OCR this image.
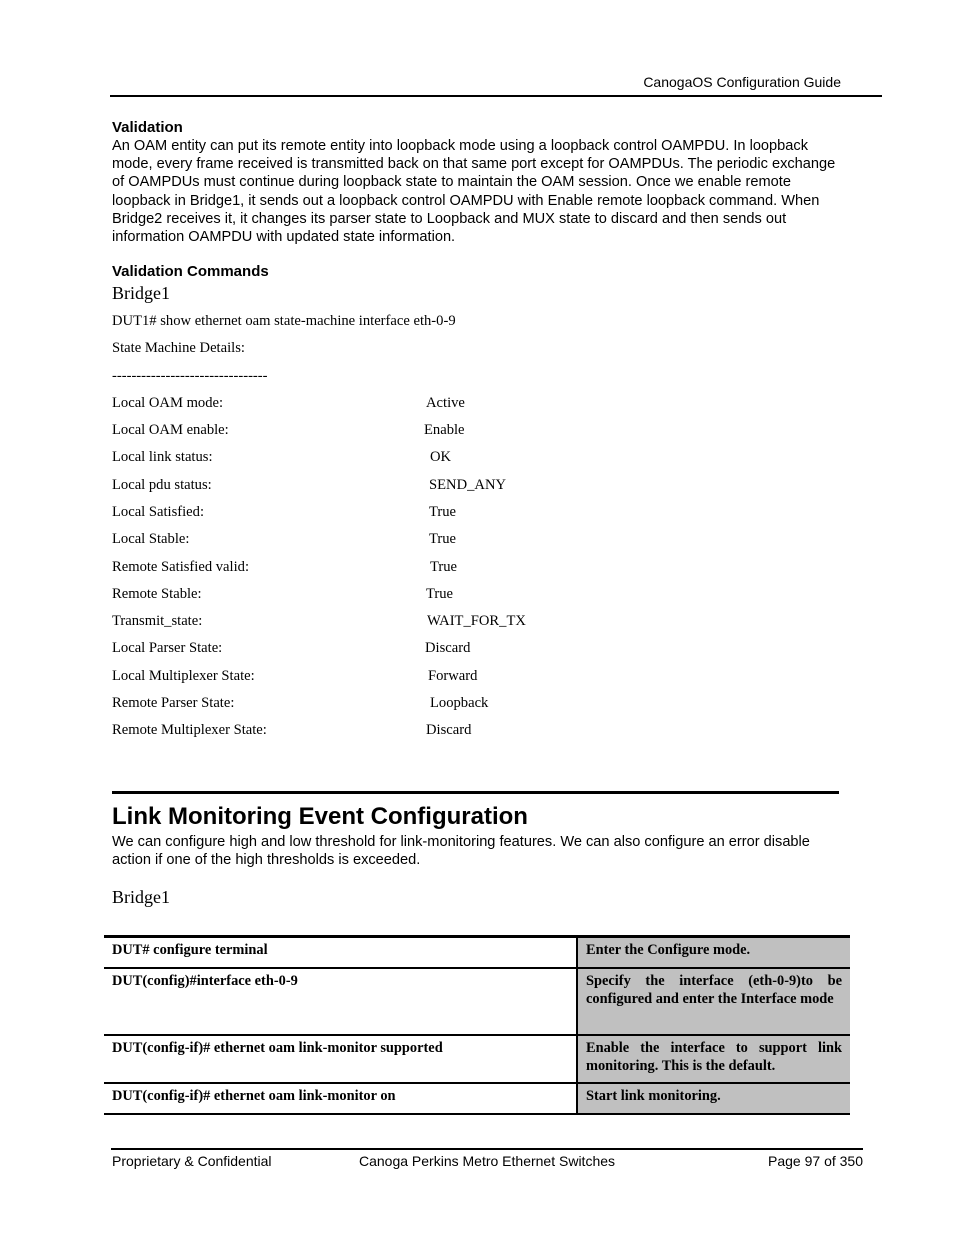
CanogaOS Configuration Guide
Validation
An OAM entity can put its remote entity into loopback mode using a loopback control OAMPDU. In loopback mode, every frame received is transmitted back on that same port except for OAMPDUs. The periodic exchange of OAMPDUs must continue during loopback state to maintain the OAM session. Once we enable remote loopback in Bridge1, it sends out a loopback control OAMPDU with Enable remote loopback command. When Bridge2 receives it, it changes its parser state to Loopback and MUX state to discard and then sends out information OAMPDU with updated state information.
Validation Commands
Bridge1
DUT1# show ethernet oam state-machine interface eth-0-9
State Machine Details:
--------------------------------
Local OAM mode:	Active
Local OAM enable:	Enable
Local link status:	OK
Local pdu status:	SEND_ANY
Local Satisfied:	True
Local Stable:	True
Remote Satisfied valid:	True
Remote Stable:	True
Transmit_state:	WAIT_FOR_TX
Local Parser State:	Discard
Local Multiplexer State:	Forward
Remote Parser State:	Loopback
Remote Multiplexer State:	Discard
Link Monitoring Event Configuration
We can configure high and low threshold for link-monitoring features. We can also configure an error disable action if one of the high thresholds is exceeded.
Bridge1
DUT# configure terminal	Enter the Configure mode.
DUT(config)#interface eth-0-9	Specify the interface (eth-0-9)to be configured and enter the Interface mode
DUT(config-if)# ethernet oam link-monitor supported	Enable the interface to support link monitoring. This is the default.
DUT(config-if)# ethernet oam link-monitor on	Start link monitoring.
Proprietary & Confidential	Canoga Perkins Metro Ethernet Switches	Page 97 of 350
